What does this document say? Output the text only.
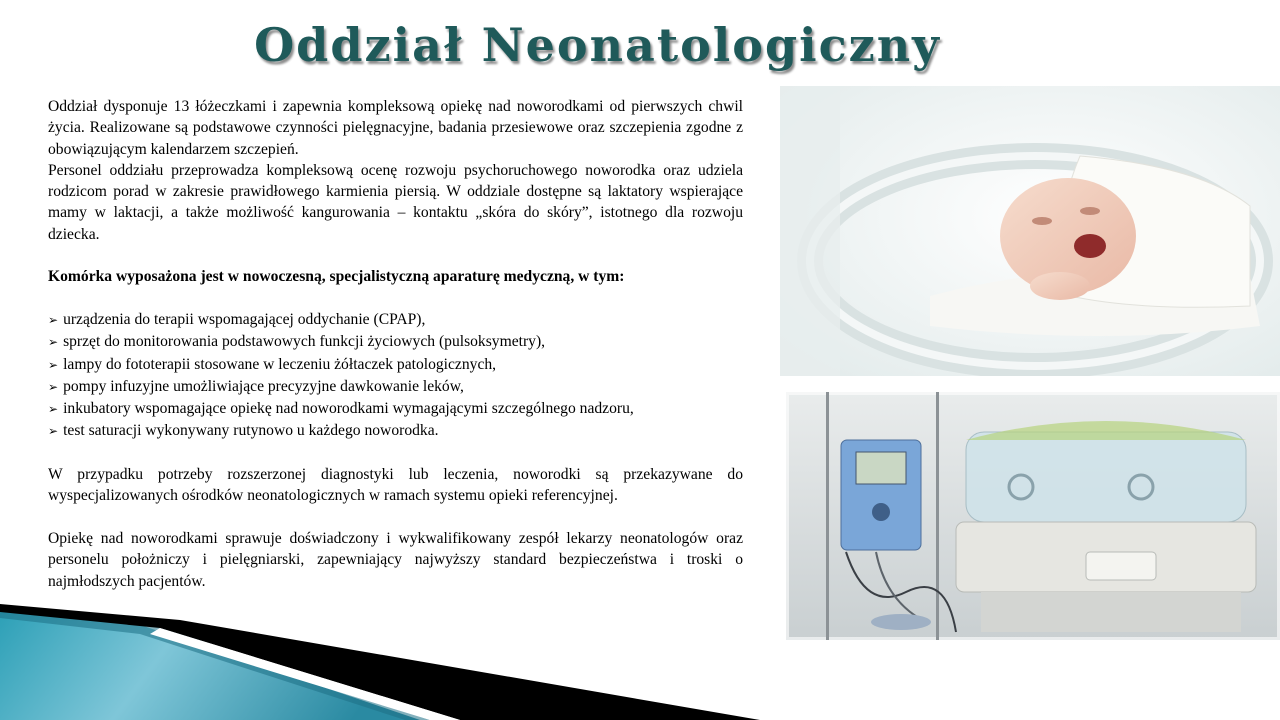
Oddział Neonatologiczny

Oddział dysponuje 13 łóżeczkami i zapewnia kompleksową opiekę nad noworodkami od pierwszych chwil życia. Realizowane są podstawowe czynności pielęgnacyjne, badania przesiewowe oraz szczepienia zgodne z obowiązującym kalendarzem szczepień.

Personel oddziału przeprowadza kompleksową ocenę rozwoju psychoruchowego noworodka oraz udziela rodzicom porad w zakresie prawidłowego karmienia piersią. W oddziale dostępne są laktatory wspierające mamy w laktacji, a także możliwość kangurowania – kontaktu „skóra do skóry”, istotnego dla rozwoju dziecka.

Komórka wyposażona jest w nowoczesną, specjalistyczną aparaturę medyczną, w tym:

➢ urządzenia do terapii wspomagającej oddychanie (CPAP),
➢ sprzęt do monitorowania podstawowych funkcji życiowych (pulsoksymetry),
➢ lampy do fototerapii stosowane w leczeniu żółtaczek patologicznych,
➢ pompy infuzyjne umożliwiające precyzyjne dawkowanie leków,
➢ inkubatory wspomagające opiekę nad noworodkami wymagającymi szczególnego nadzoru,
➢ test saturacji wykonywany rutynowo u każdego noworodka.

W przypadku potrzeby rozszerzonej diagnostyki lub leczenia, noworodki są przekazywane do wyspecjalizowanych ośrodków neonatologicznych w ramach systemu opieki referencyjnej.

Opiekę nad noworodkami sprawuje doświadczony i wykwalifikowany zespół lekarzy neonatologów oraz personelu położniczy i pielęgniarski, zapewniający najwyższy standard bezpieczeństwa i troski o najmłodszych pacjentów.
